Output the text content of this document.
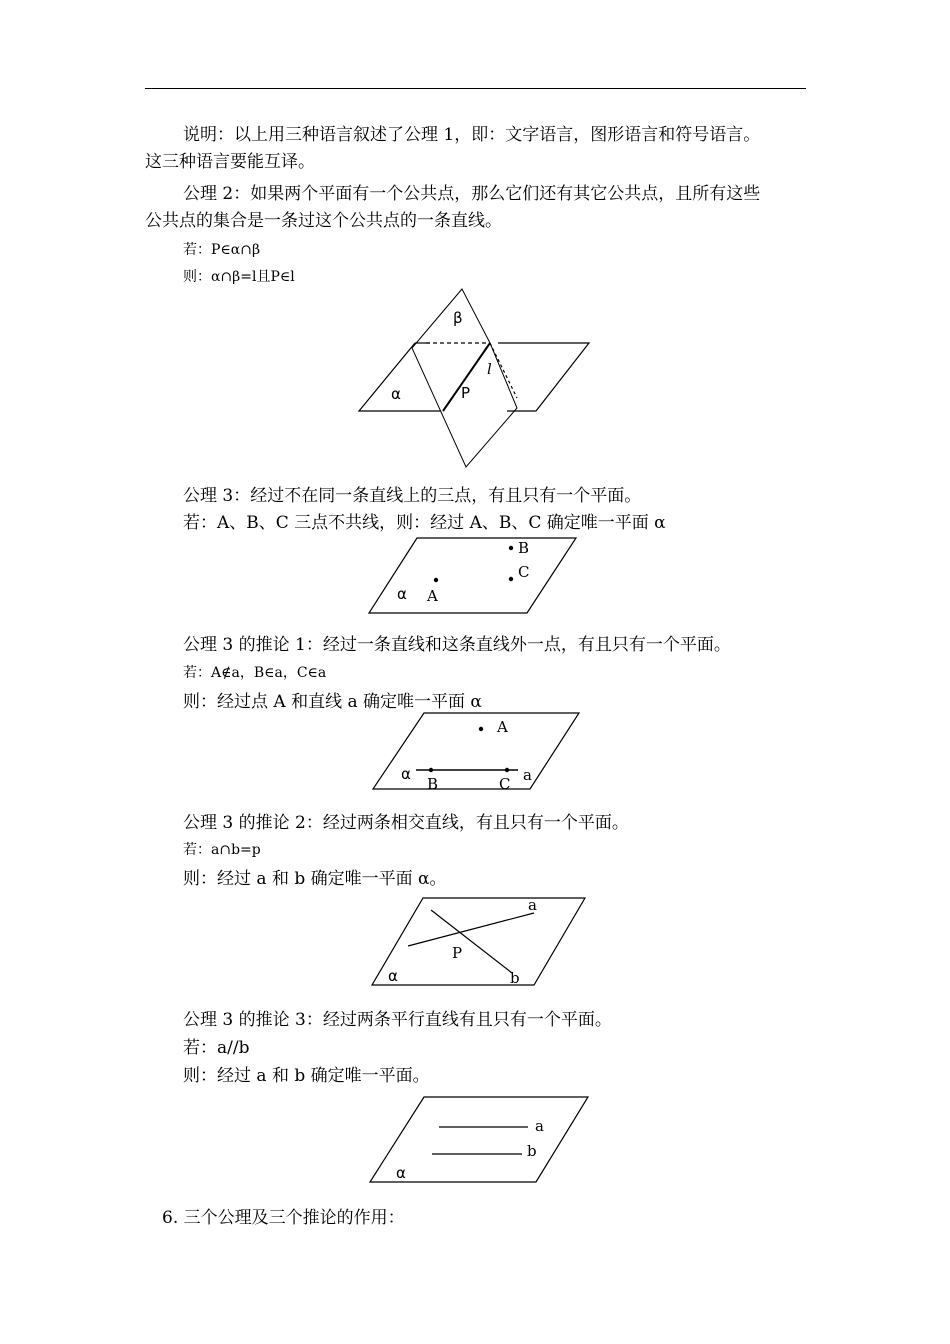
说明：以上用三种语言叙述了公理 1，即：文字语言，图形语言和符号语言。
这三种语言要能互译。
公理 2：如果两个平面有一个公共点，那么它们还有其它公共点，且所有这些
公共点的集合是一条过这个公共点的一条直线。
若：P∈α∩β
则：α∩β=l且P∈l
α
β
l
P
公理 3：经过不在同一条直线上的三点，有且只有一个平面。
若：A、B、C 三点不共线，则：经过 A、B、C 确定唯一平面 α
B
C
A
α
公理 3 的推论 1：经过一条直线和这条直线外一点，有且只有一个平面。
若：A∉a，B∈a，C∈a
则：经过点 A 和直线 a 确定唯一平面 α
A
B	C a
α
公理 3 的推论 2：经过两条相交直线，有且只有一个平面。
若：a∩b=p
则：经过 a 和 b 确定唯一平面 α。
a
b
P
α
公理 3 的推论 3：经过两条平行直线有且只有一个平面。
若：a//b
则：经过 a 和 b 确定唯一平面。
a
b
α
6. 三个公理及三个推论的作用：
